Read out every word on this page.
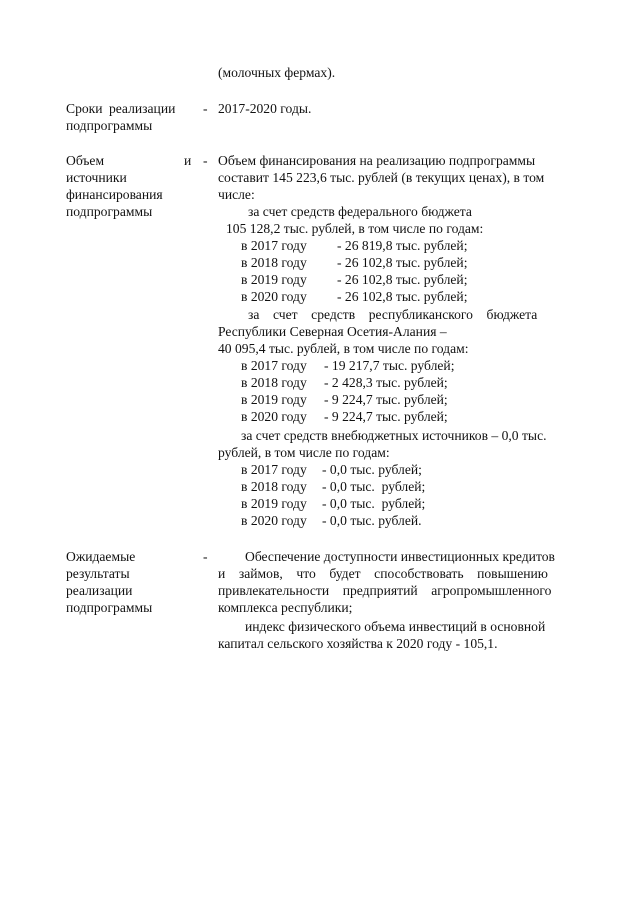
(молочных фермах).
Сроки реализации
подпрограммы
- 2017-2020 годы.
Объем	и
источники
финансирования
подпрограммы
- Объем финансирования на реализацию подпрограммы
составит 145 223,6 тыс. рублей (в текущих ценах), в том
числе:
за счет средств федерального бюджета
105 128,2 тыс. рублей, в том числе по годам:
в 2017 году - 26 819,8 тыс. рублей;
в 2018 году - 26 102,8 тыс. рублей;
в 2019 году - 26 102,8 тыс. рублей;
в 2020 году - 26 102,8 тыс. рублей;
за    счет    средств    республиканского    бюджета
Республики Северная Осетия-Алания –
40 095,4 тыс. рублей, в том числе по годам:
в 2017 году - 19 217,7 тыс. рублей;
в 2018 году - 2 428,3 тыс. рублей;
в 2019 году - 9 224,7 тыс. рублей;
в 2020 году - 9 224,7 тыс. рублей;
за счет средств внебюджетных источников – 0,0 тыс.
рублей, в том числе по годам:
в 2017 году - 0,0 тыс. рублей;
в 2018 году - 0,0 тыс.  рублей;
в 2019 году - 0,0 тыс.  рублей;
в 2020 году - 0,0 тыс. рублей.
Ожидаемые
результаты
реализации
подпрограммы
-	Обеспечение доступности инвестиционных кредитов
и    займов,    что    будет    способствовать    повышению
привлекательности    предприятий    агропромышленного
комплекса республики;
индекс физического объема инвестиций в основной
капитал сельского хозяйства к 2020 году - 105,1.
